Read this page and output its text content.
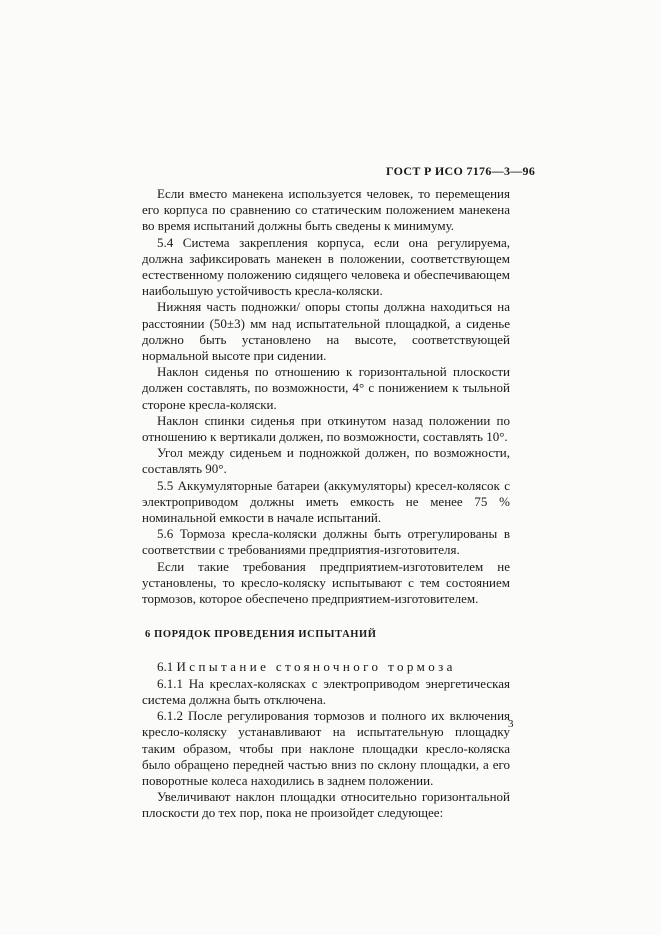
ГОСТ Р ИСО 7176—3—96

Если вместо манекена используется человек, то перемещения его корпуса по сравнению со статическим положением манекена во время испытаний должны быть сведены к минимуму.

5.4 Система закрепления корпуса, если она регулируема, должна зафиксировать манекен в положении, соответствующем естественному положению сидящего человека и обеспечивающем наибольшую устойчивость кресла-коляски.

Нижняя часть подножки/ опоры стопы должна находиться на расстоянии (50±3) мм над испытательной площадкой, а сиденье должно быть установлено на высоте, соответствующей нормальной высоте при сидении.

Наклон сиденья по отношению к горизонтальной плоскости должен составлять, по возможности, 4° с понижением к тыльной стороне кресла-коляски.

Наклон спинки сиденья при откинутом назад положении по отношению к вертикали должен, по возможности, составлять 10°.

Угол между сиденьем и подножкой должен, по возможности, составлять 90°.

5.5 Аккумуляторные батареи (аккумуляторы) кресел-колясок с электроприводом должны иметь емкость не менее 75 % номинальной емкости в начале испытаний.

5.6 Тормоза кресла-коляски должны быть отрегулированы в соответствии с требованиями предприятия-изготовителя.

Если такие требования предприятием-изготовителем не установлены, то кресло-коляску испытывают с тем состоянием тормозов, которое обеспечено предприятием-изготовителем.

6 ПОРЯДОК ПРОВЕДЕНИЯ ИСПЫТАНИЙ

6.1 Испытание стояночного тормоза

6.1.1 На креслах-колясках с электроприводом энергетическая система должна быть отключена.

6.1.2 После регулирования тормозов и полного их включения кресло-коляску устанавливают на испытательную площадку таким образом, чтобы при наклоне площадки кресло-коляска было обращено передней частью вниз по склону площадки, а его поворотные колеса находились в заднем положении.

Увеличивают наклон площадки относительно горизонтальной плоскости до тех пор, пока не произойдет следующее:

3
